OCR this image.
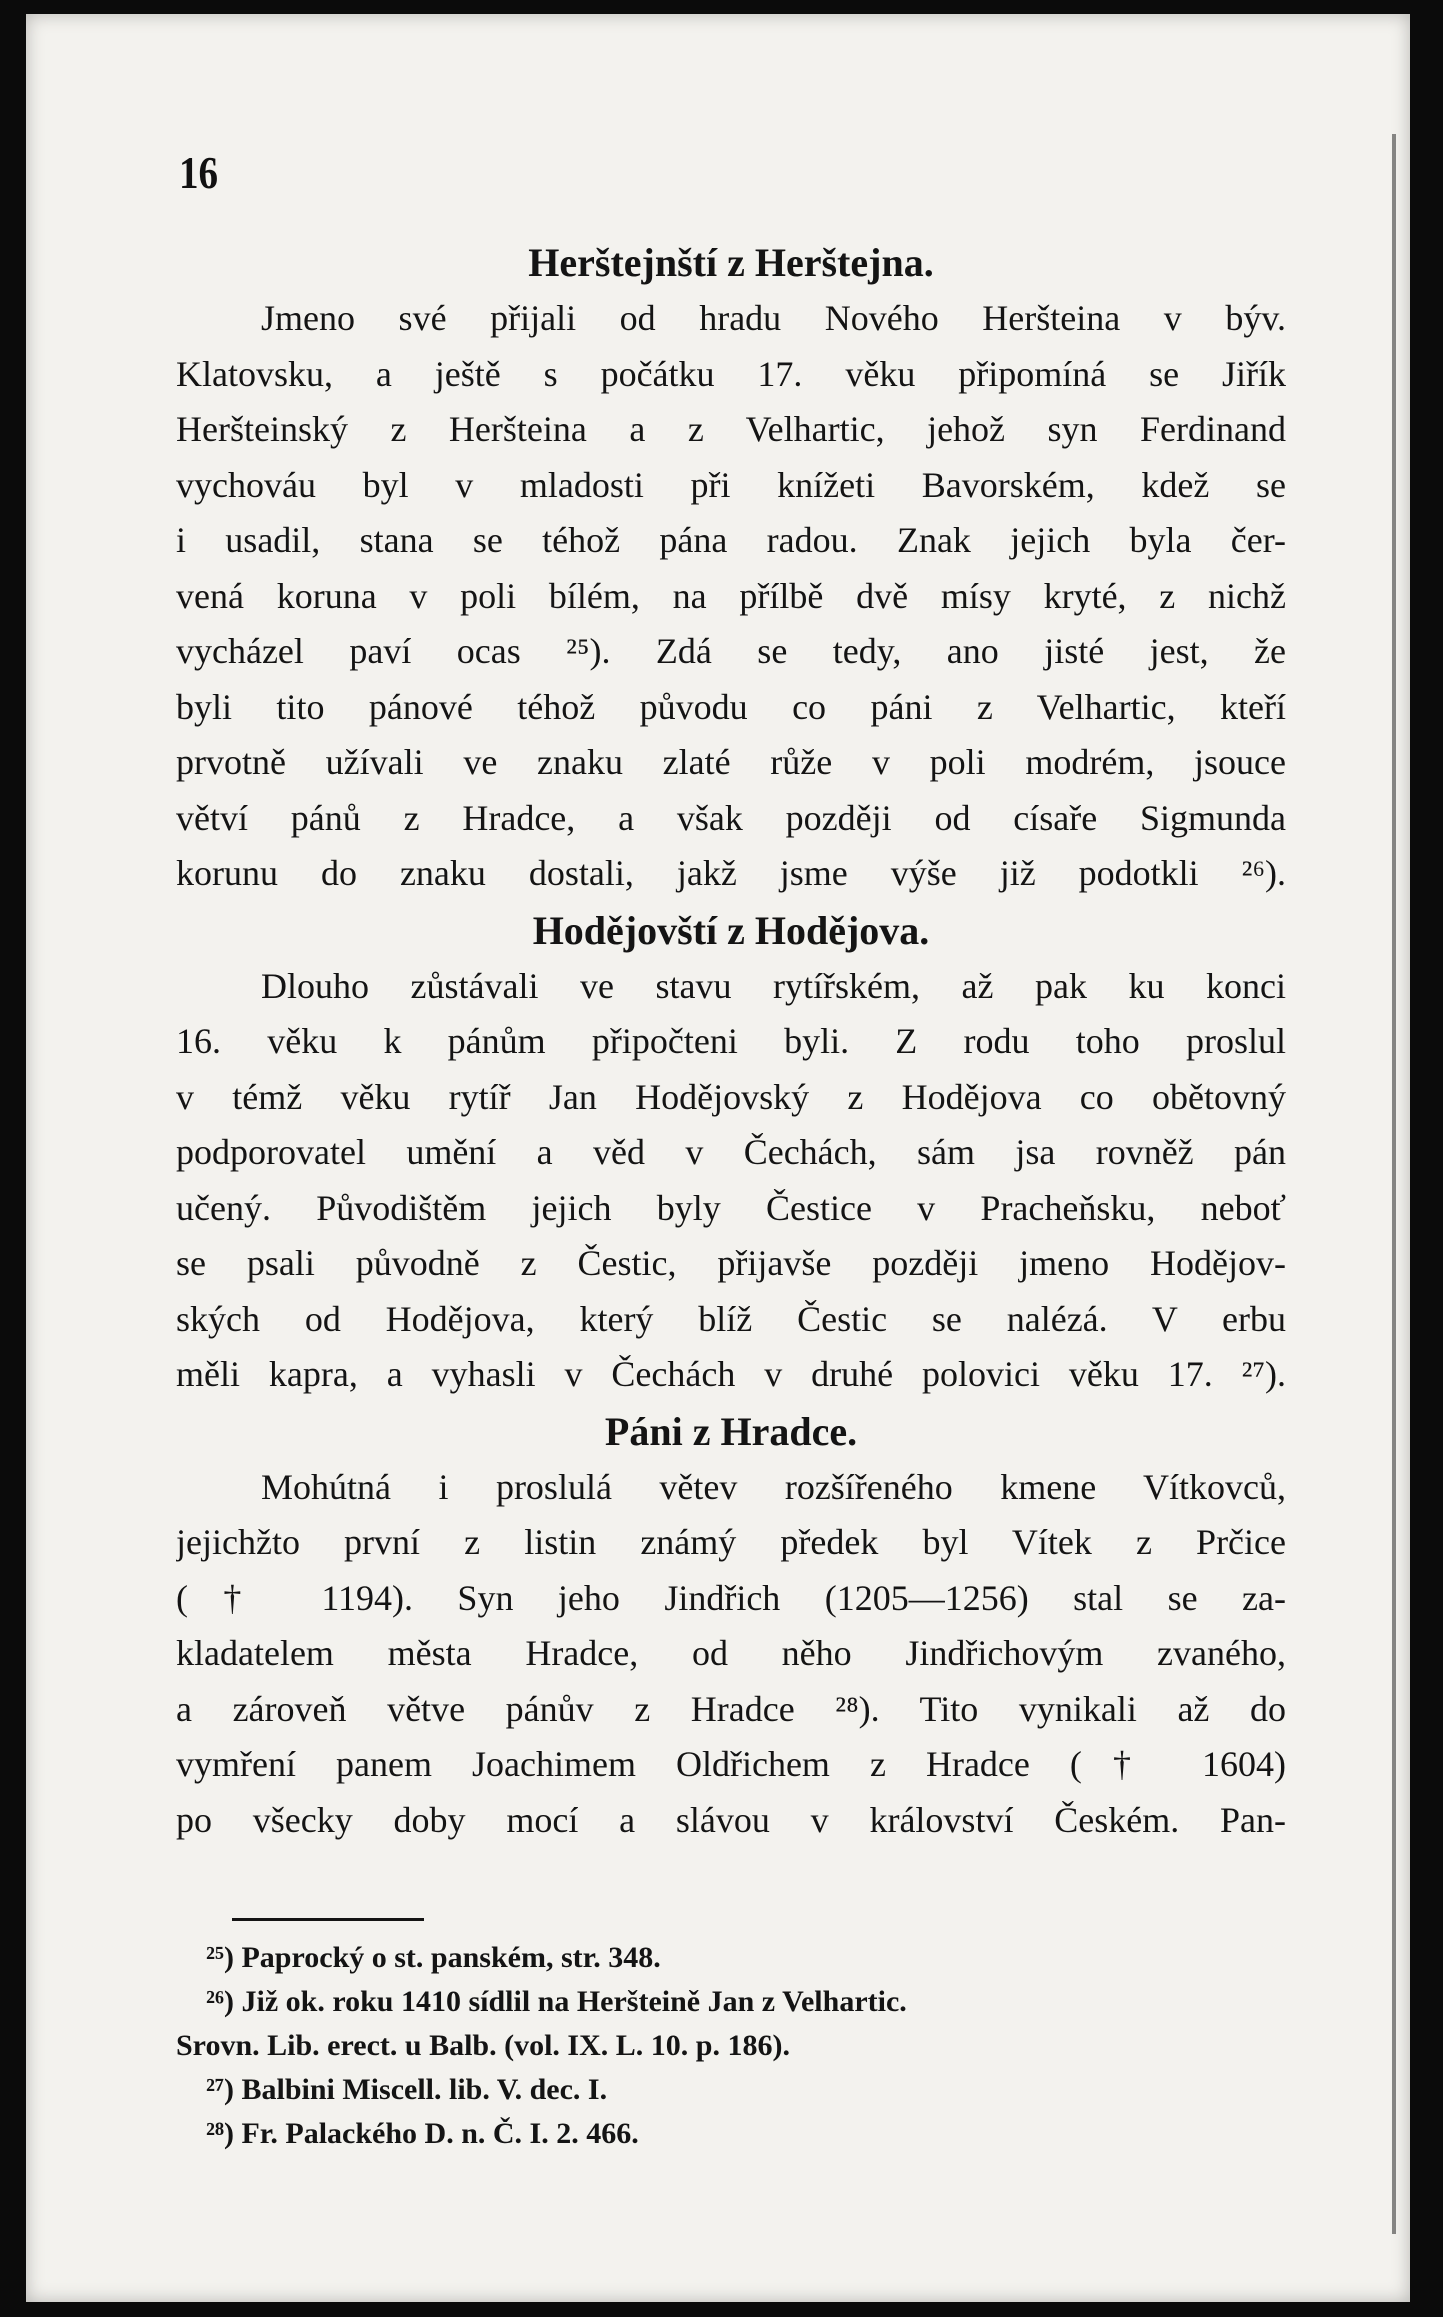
16
Herštejnští z Herštejna.
Jmeno své přijali od hradu Nového Heršteina v býv.
Klatovsku, a ještě s počátku 17. věku připomíná se Jiřík
Heršteinský z Heršteina a z Velhartic, jehož syn Ferdinand
vychováu byl v mladosti při knížeti Bavorském, kdež se
i usadil, stana se téhož pána radou. Znak jejich byla čer-
vená koruna v poli bílém, na přílbě dvě mísy kryté, z nichž
vycházel paví ocas ²⁵). Zdá se tedy, ano jisté jest, že
byli tito pánové téhož původu co páni z Velhartic, kteří
prvotně užívali ve znaku zlaté růže v poli modrém, jsouce
větví pánů z Hradce, a však později od císaře Sigmunda
korunu do znaku dostali, jakž jsme výše již podotkli ²⁶).
Hodějovští z Hodějova.
Dlouho zůstávali ve stavu rytířském, až pak ku konci
16. věku k pánům připočteni byli. Z rodu toho proslul
v témž věku rytíř Jan Hodějovský z Hodějova co obětovný
podporovatel umění a věd v Čechách, sám jsa rovněž pán
učený. Původištěm jejich byly Čestice v Pracheňsku, neboť
se psali původně z Čestic, přijavše později jmeno Hodějov-
ských od Hodějova, který blíž Čestic se nalézá. V erbu
měli kapra, a vyhasli v Čechách v druhé polovici věku 17. ²⁷).
Páni z Hradce.
Mohútná i proslulá větev rozšířeného kmene Vítkovců,
jejichžto první z listin známý předek byl Vítek z Prčice
(† 1194). Syn jeho Jindřich (1205—1256) stal se za-
kladatelem města Hradce, od něho Jindřichovým zvaného,
a zároveň větve pánův z Hradce ²⁸). Tito vynikali až do
vymření panem Joachimem Oldřichem z Hradce († 1604)
po všecky doby mocí a slávou v království Českém. Pan-
²⁵) Paprocký o st. panském, str. 348.
²⁶) Již ok. roku 1410 sídlil na Heršteině Jan z Velhartic.
Srovn. Lib. erect. u Balb. (vol. IX. L. 10. p. 186).
²⁷) Balbini Miscell. lib. V. dec. I.
²⁸) Fr. Palackého D. n. Č. I. 2. 466.
